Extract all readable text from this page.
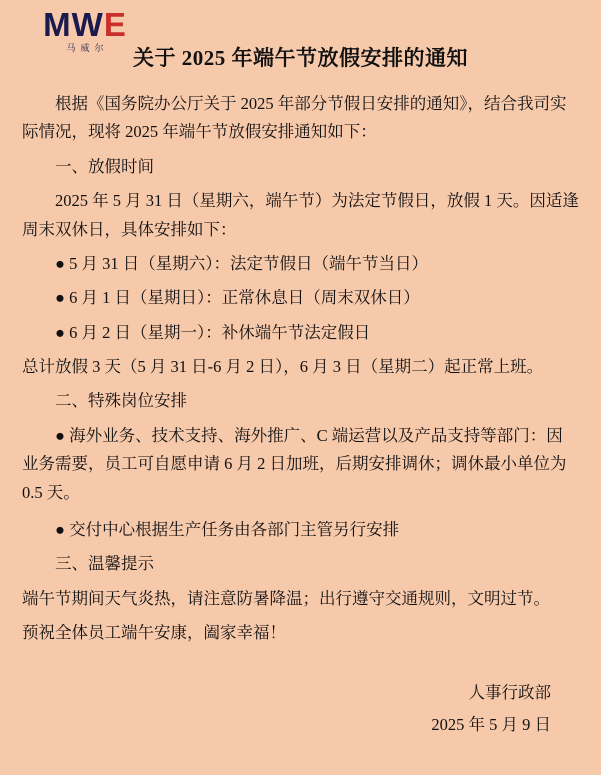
MWE
马威尔	关于 2025 年端午节放假安排的通知

根据《国务院办公厅关于 2025 年部分节假日安排的通知》，结合我司实际情况，现将 2025 年端午节放假安排通知如下：

一、放假时间

2025 年 5 月 31 日（星期六，端午节）为法定节假日，放假 1 天。因适逢周末双休日，具体安排如下：

● 5 月 31 日（星期六）：法定节假日（端午节当日）

● 6 月 1 日（星期日）：正常休息日（周末双休日）

● 6 月 2 日（星期一）：补休端午节法定假日

总计放假 3 天（5 月 31 日-6 月 2 日），6 月 3 日（星期二）起正常上班。

二、特殊岗位安排

● 海外业务、技术支持、海外推广、C 端运营以及产品支持等部门：因业务需要，员工可自愿申请 6 月 2 日加班，后期安排调休；调休最小单位为 0.5 天。

● 交付中心根据生产任务由各部门主管另行安排

三、温馨提示

端午节期间天气炎热，请注意防暑降温；出行遵守交通规则，文明过节。

预祝全体员工端午安康，阖家幸福！

人事行政部
2025 年 5 月 9 日
